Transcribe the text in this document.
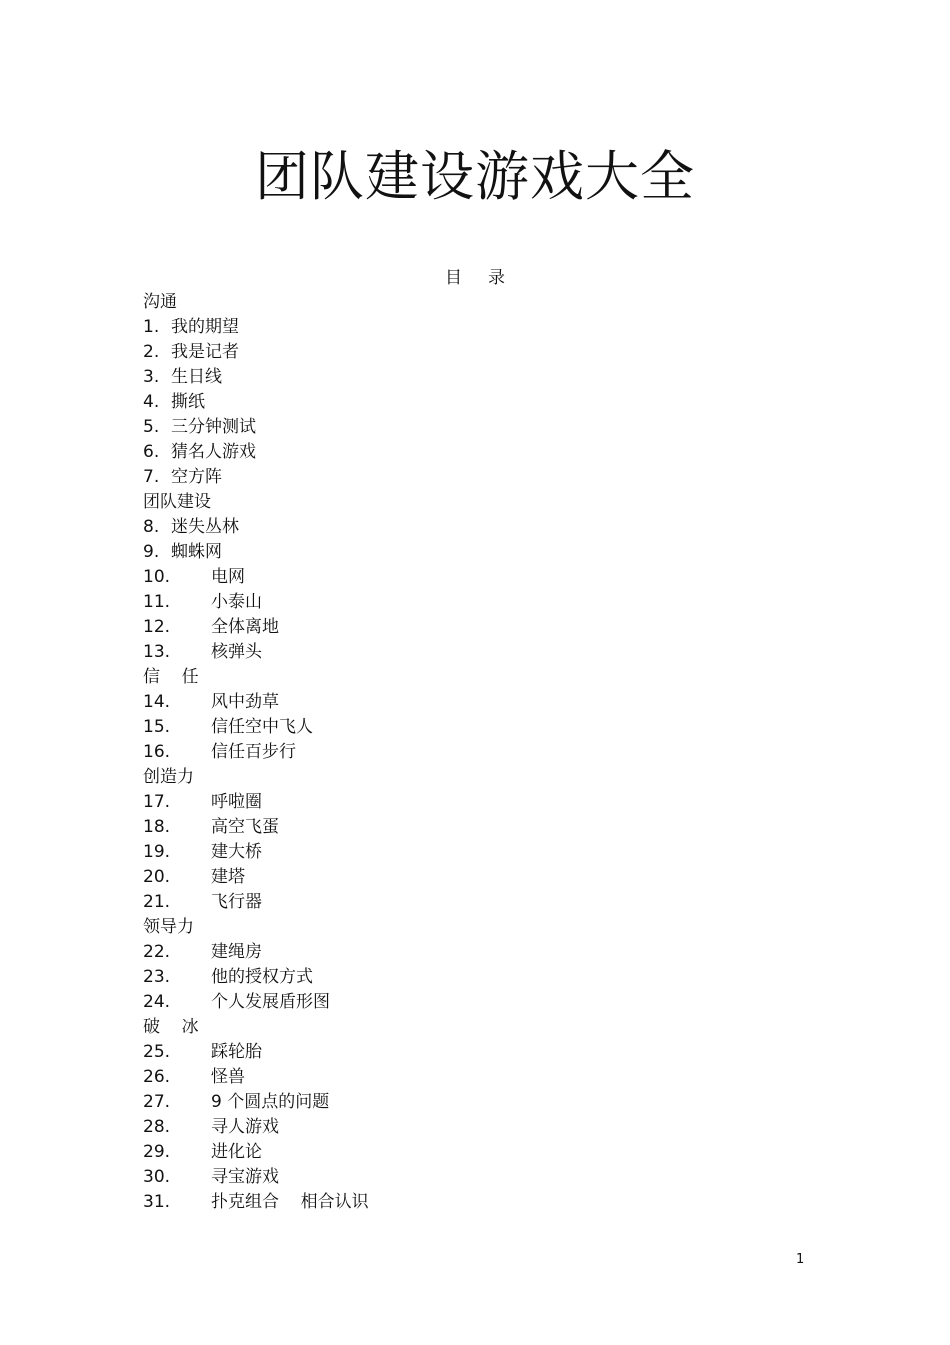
团队建设游戏大全
目 录
沟通
1. 我的期望
2. 我是记者
3. 生日线
4. 撕纸
5. 三分钟测试
6. 猜名人游戏
7. 空方阵
团队建设
8. 迷失丛林
9. 蜘蛛网
10.	电网
11.	小泰山
12.	全体离地
13.	核弹头
信    任
14.	风中劲草
15.	信任空中飞人
16.	信任百步行
创造力
17.	呼啦圈
18.	高空飞蛋
19.	建大桥
20.	建塔
21.	飞行器
领导力
22.	建绳房
23.	他的授权方式
24.	个人发展盾形图
破    冰
25.	踩轮胎
26.	怪兽
27.	9 个圆点的问题
28.	寻人游戏
29.	进化论
30.	寻宝游戏
31.	扑克组合    相合认识
1
